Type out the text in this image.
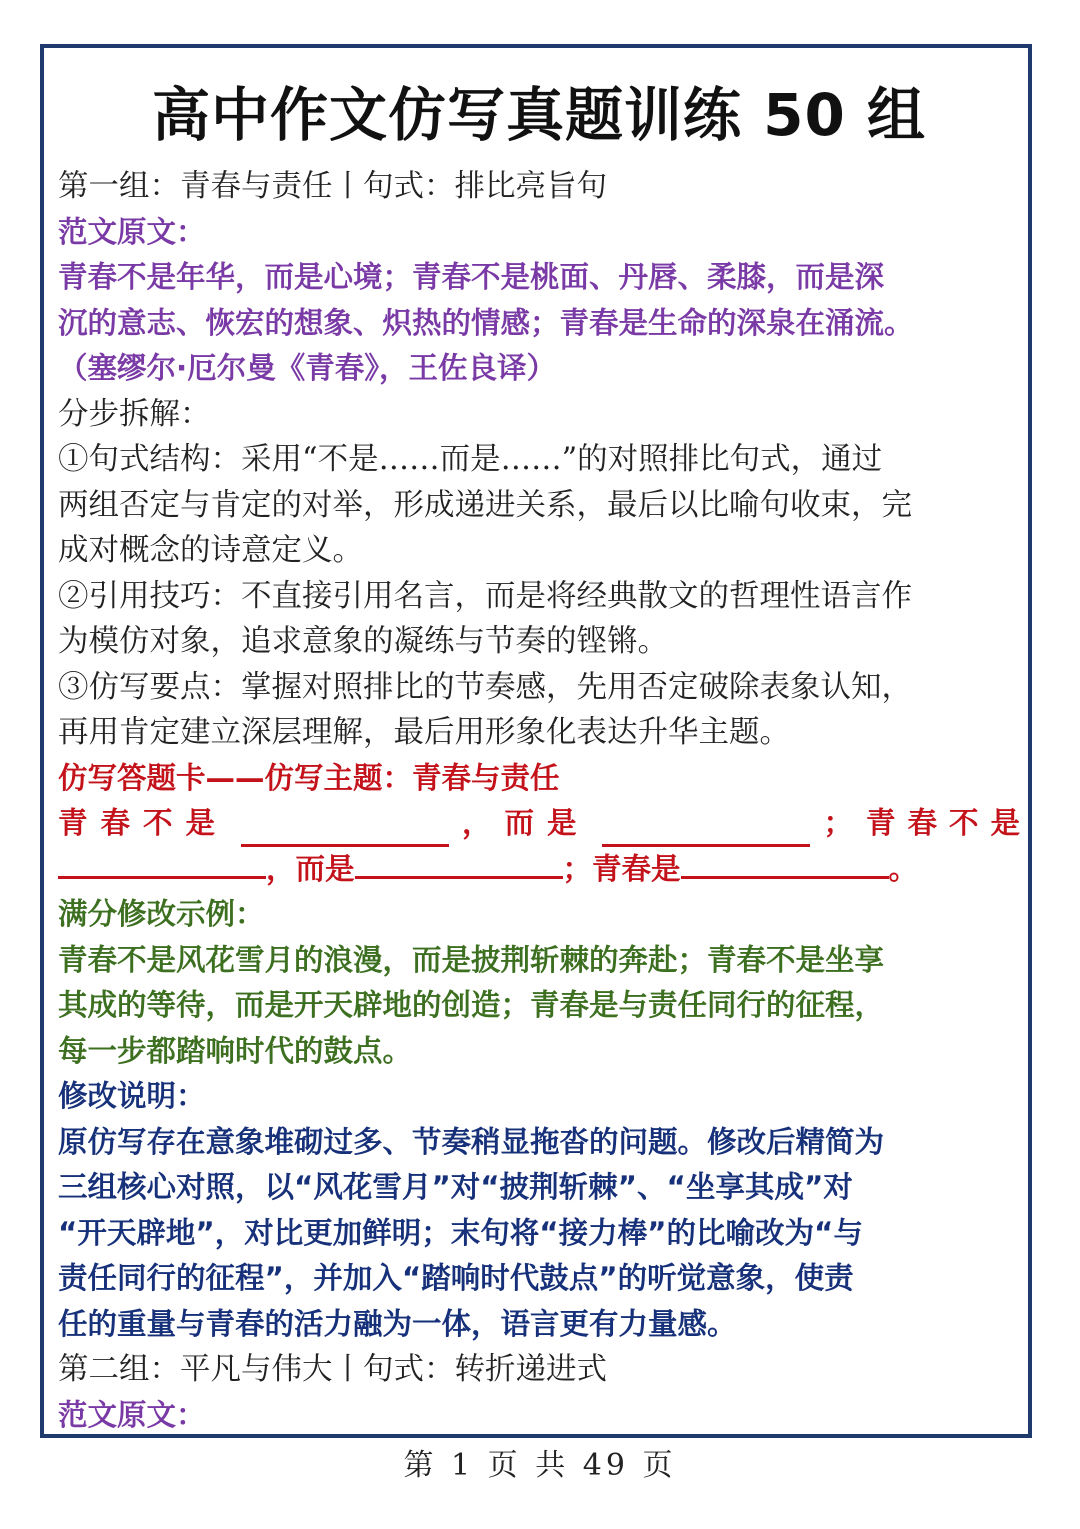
高中作文仿写真题训练 50 组

第一组：青春与责任丨句式：排比亮旨句

范文原文：

青春不是年华，而是心境；青春不是桃面、丹唇、柔膝，而是深

沉的意志、恢宏的想象、炽热的情感；青春是生命的深泉在涌流。

（塞缪尔·厄尔曼《青春》，王佐良译）

分步拆解：

①句式结构：采用“不是……而是……”的对照排比句式，通过

两组否定与肯定的对举，形成递进关系，最后以比喻句收束，完

成对概念的诗意定义。

②引用技巧：不直接引用名言，而是将经典散文的哲理性语言作

为模仿对象，追求意象的凝练与节奏的铿锵。

③仿写要点：掌握对照排比的节奏感，先用否定破除表象认知，

再用肯定建立深层理解，最后用形象化表达升华主题。

仿写答题卡——仿写主题：青春与责任

青春不是	， 而是	； 青春不是

，而是	；青春是	。

满分修改示例：

青春不是风花雪月的浪漫，而是披荆斩棘的奔赴；青春不是坐享

其成的等待，而是开天辟地的创造；青春是与责任同行的征程，

每一步都踏响时代的鼓点。

修改说明：

原仿写存在意象堆砌过多、节奏稍显拖沓的问题。修改后精简为

三组核心对照，以“风花雪月”对“披荆斩棘”、“坐享其成”对

“开天辟地”，对比更加鲜明；末句将“接力棒”的比喻改为“与

责任同行的征程”，并加入“踏响时代鼓点”的听觉意象，使责

任的重量与青春的活力融为一体，语言更有力量感。

第二组：平凡与伟大丨句式：转折递进式

范文原文：

第 1 页 共 49 页
